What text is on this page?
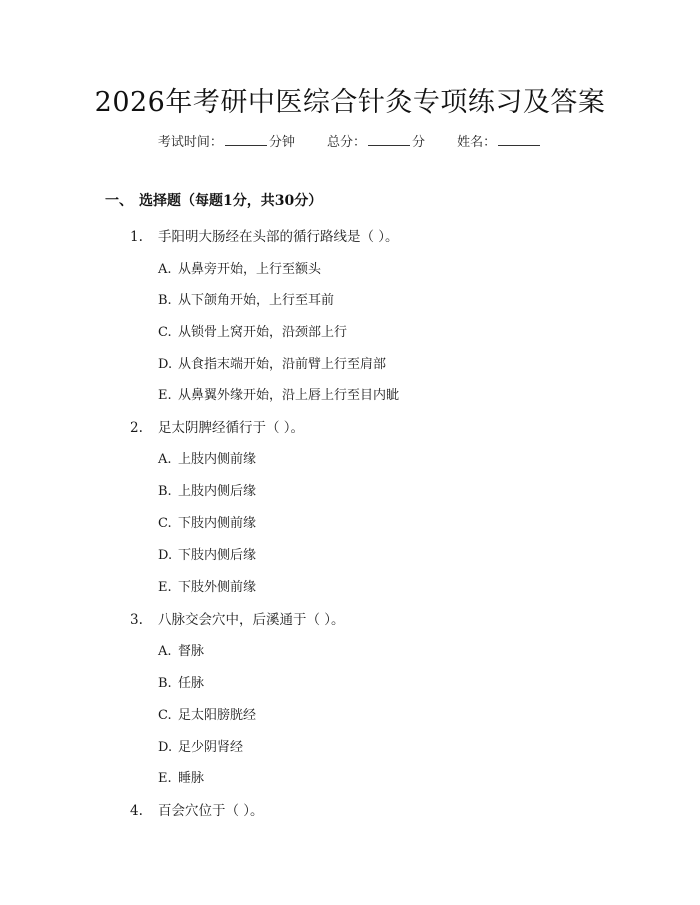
2026年考研中医综合针灸专项练习及答案
考试时间：	分钟 总分：	分 姓名：
一、 选择题（每题1分，共30分）
1. 手阳明大肠经在头部的循行路线是（ ）。
A. 从鼻旁开始，上行至额头
B. 从下颌角开始，上行至耳前
C. 从锁骨上窝开始，沿颈部上行
D. 从食指末端开始，沿前臂上行至肩部
E. 从鼻翼外缘开始，沿上唇上行至目内眦
2. 足太阴脾经循行于（ ）。
A. 上肢内侧前缘
B. 上肢内侧后缘
C. 下肢内侧前缘
D. 下肢内侧后缘
E. 下肢外侧前缘
3. 八脉交会穴中，后溪通于（ ）。
A. 督脉
B. 任脉
C. 足太阳膀胱经
D. 足少阴肾经
E. 睡脉
4. 百会穴位于（ ）。
